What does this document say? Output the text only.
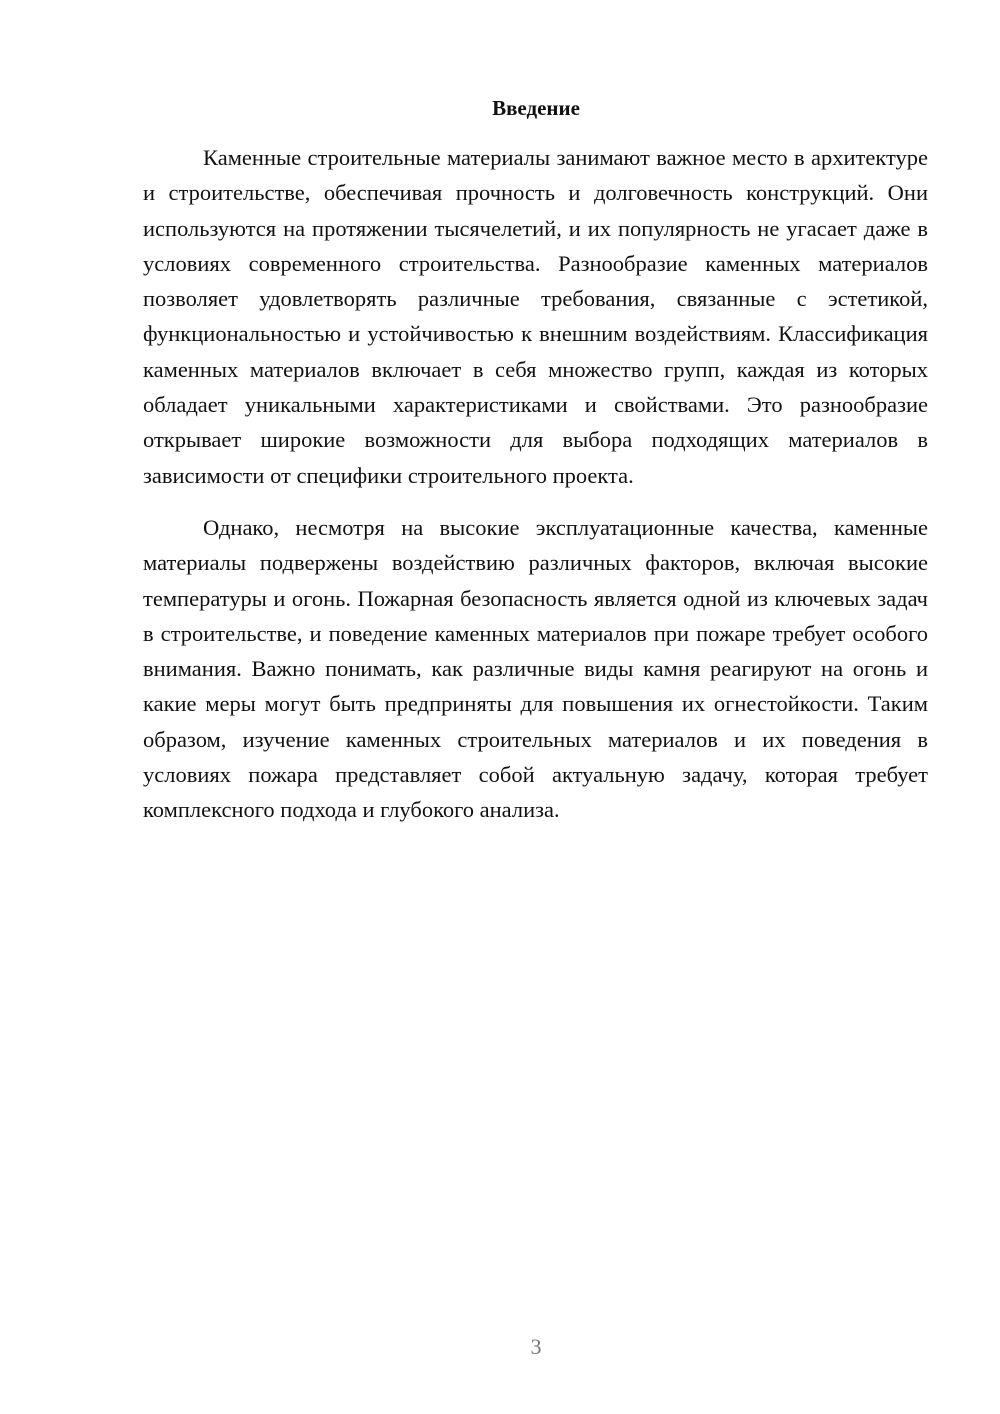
Введение

Каменные строительные материалы занимают важное место в архитектуре и строительстве, обеспечивая прочность и долговечность конструкций. Они используются на протяжении тысячелетий, и их популярность не угасает даже в условиях современного строительства. Разнообразие каменных материалов позволяет удовлетворять различные требования, связанные с эстетикой, функциональностью и устойчивостью к внешним воздействиям. Классификация каменных материалов включает в себя множество групп, каждая из которых обладает уникальными характеристиками и свойствами. Это разнообразие открывает широкие возможности для выбора подходящих материалов в зависимости от специфики строительного проекта.

Однако, несмотря на высокие эксплуатационные качества, каменные материалы подвержены воздействию различных факторов, включая высокие температуры и огонь. Пожарная безопасность является одной из ключевых задач в строительстве, и поведение каменных материалов при пожаре требует особого внимания. Важно понимать, как различные виды камня реагируют на огонь и какие меры могут быть предприняты для повышения их огнестойкости. Таким образом, изучение каменных строительных материалов и их поведения в условиях пожара представляет собой актуальную задачу, которая требует комплексного подхода и глубокого анализа.

3
